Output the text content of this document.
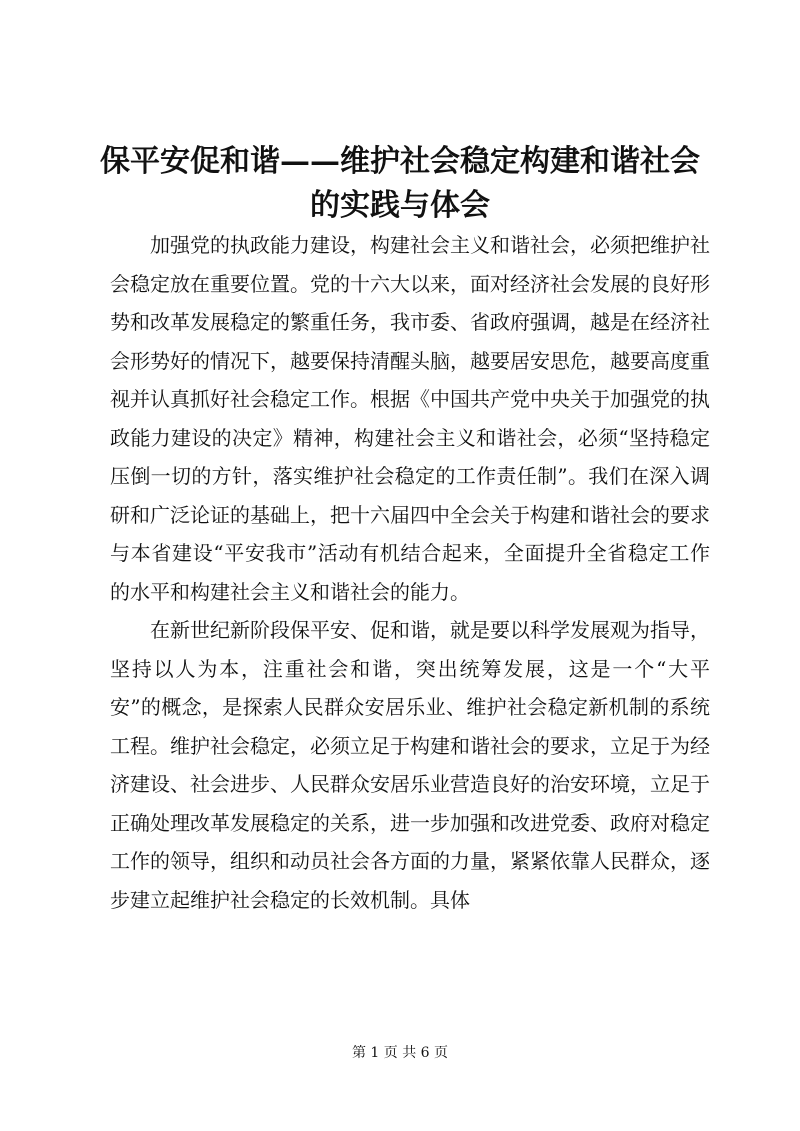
保平安促和谐——维护社会稳定构建和谐社会的实践与体会

加强党的执政能力建设，构建社会主义和谐社会，必须把维护社会稳定放在重要位置。党的十六大以来，面对经济社会发展的良好形势和改革发展稳定的繁重任务，我市委、省政府强调，越是在经济社会形势好的情况下，越要保持清醒头脑，越要居安思危，越要高度重视并认真抓好社会稳定工作。根据《中国共产党中央关于加强党的执政能力建设的决定》精神，构建社会主义和谐社会，必须“坚持稳定压倒一切的方针，落实维护社会稳定的工作责任制”。我们在深入调研和广泛论证的基础上，把十六届四中全会关于构建和谐社会的要求与本省建设“平安我市”活动有机结合起来，全面提升全省稳定工作的水平和构建社会主义和谐社会的能力。

在新世纪新阶段保平安、促和谐，就是要以科学发展观为指导，坚持以人为本，注重社会和谐，突出统筹发展，这是一个“大平安”的概念，是探索人民群众安居乐业、维护社会稳定新机制的系统工程。维护社会稳定，必须立足于构建和谐社会的要求，立足于为经济建设、社会进步、人民群众安居乐业营造良好的治安环境，立足于正确处理改革发展稳定的关系，进一步加强和改进党委、政府对稳定工作的领导，组织和动员社会各方面的力量，紧紧依靠人民群众，逐步建立起维护社会稳定的长效机制。具体

第 1 页 共 6 页
